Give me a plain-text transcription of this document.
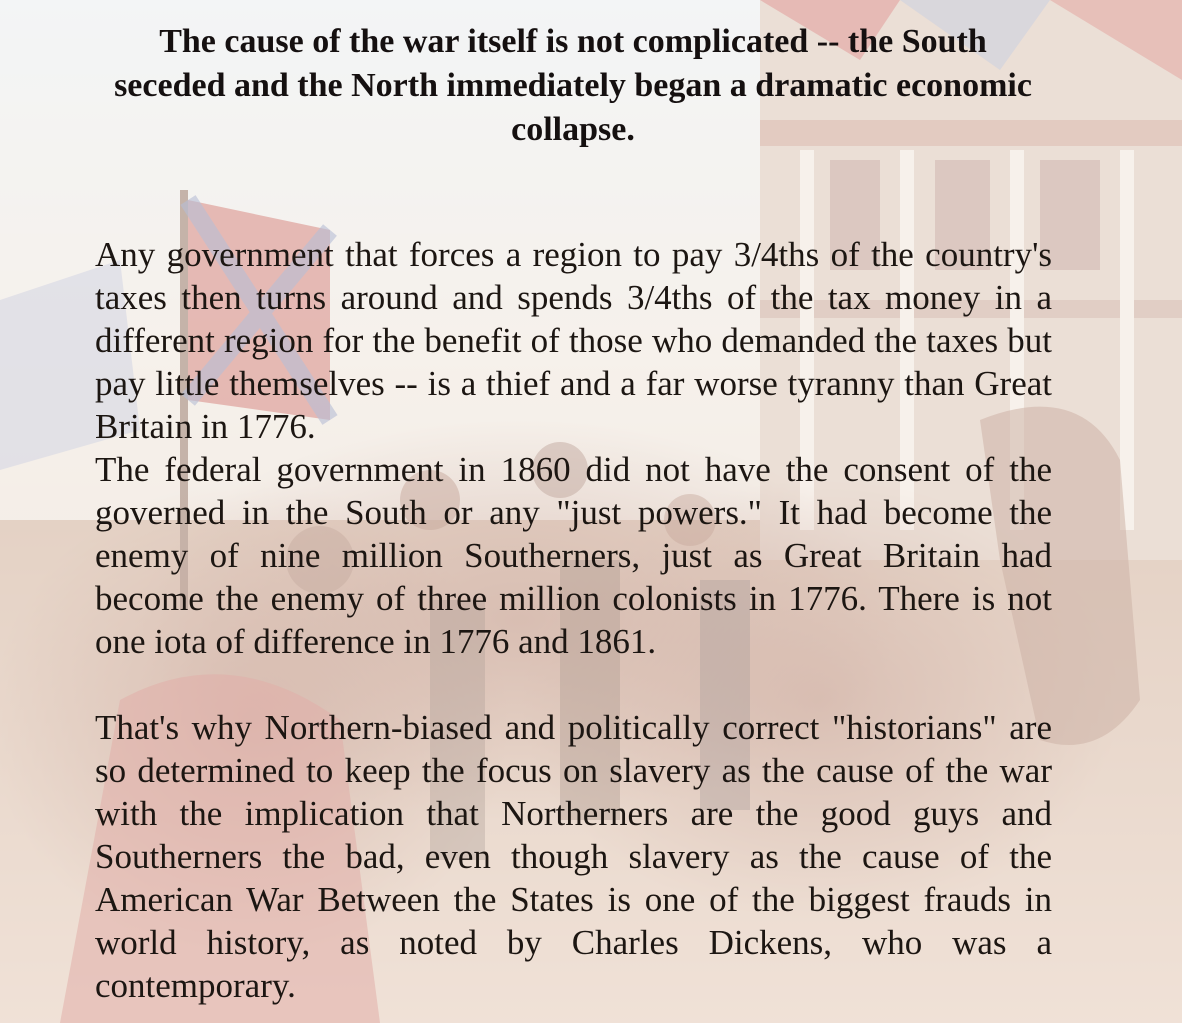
The cause of the war itself is not complicated -- the South seceded and the North immediately began a dramatic economic collapse.

Any government that forces a region to pay 3/4ths of the country's taxes then turns around and spends 3/4ths of the tax money in a different region for the benefit of those who demanded the taxes but pay little themselves -- is a thief and a far worse tyranny than Great Britain in 1776.

The federal government in 1860 did not have the consent of the governed in the South or any "just powers." It had become the enemy of nine million Southerners, just as Great Britain had become the enemy of three million colonists in 1776. There is not one iota of difference in 1776 and 1861.

That's why Northern-biased and politically correct "historians" are so determined to keep the focus on slavery as the cause of the war with the implication that Northerners are the good guys and Southerners the bad, even though slavery as the cause of the American War Between the States is one of the biggest frauds in world history, as noted by Charles Dickens, who was a contemporary.
